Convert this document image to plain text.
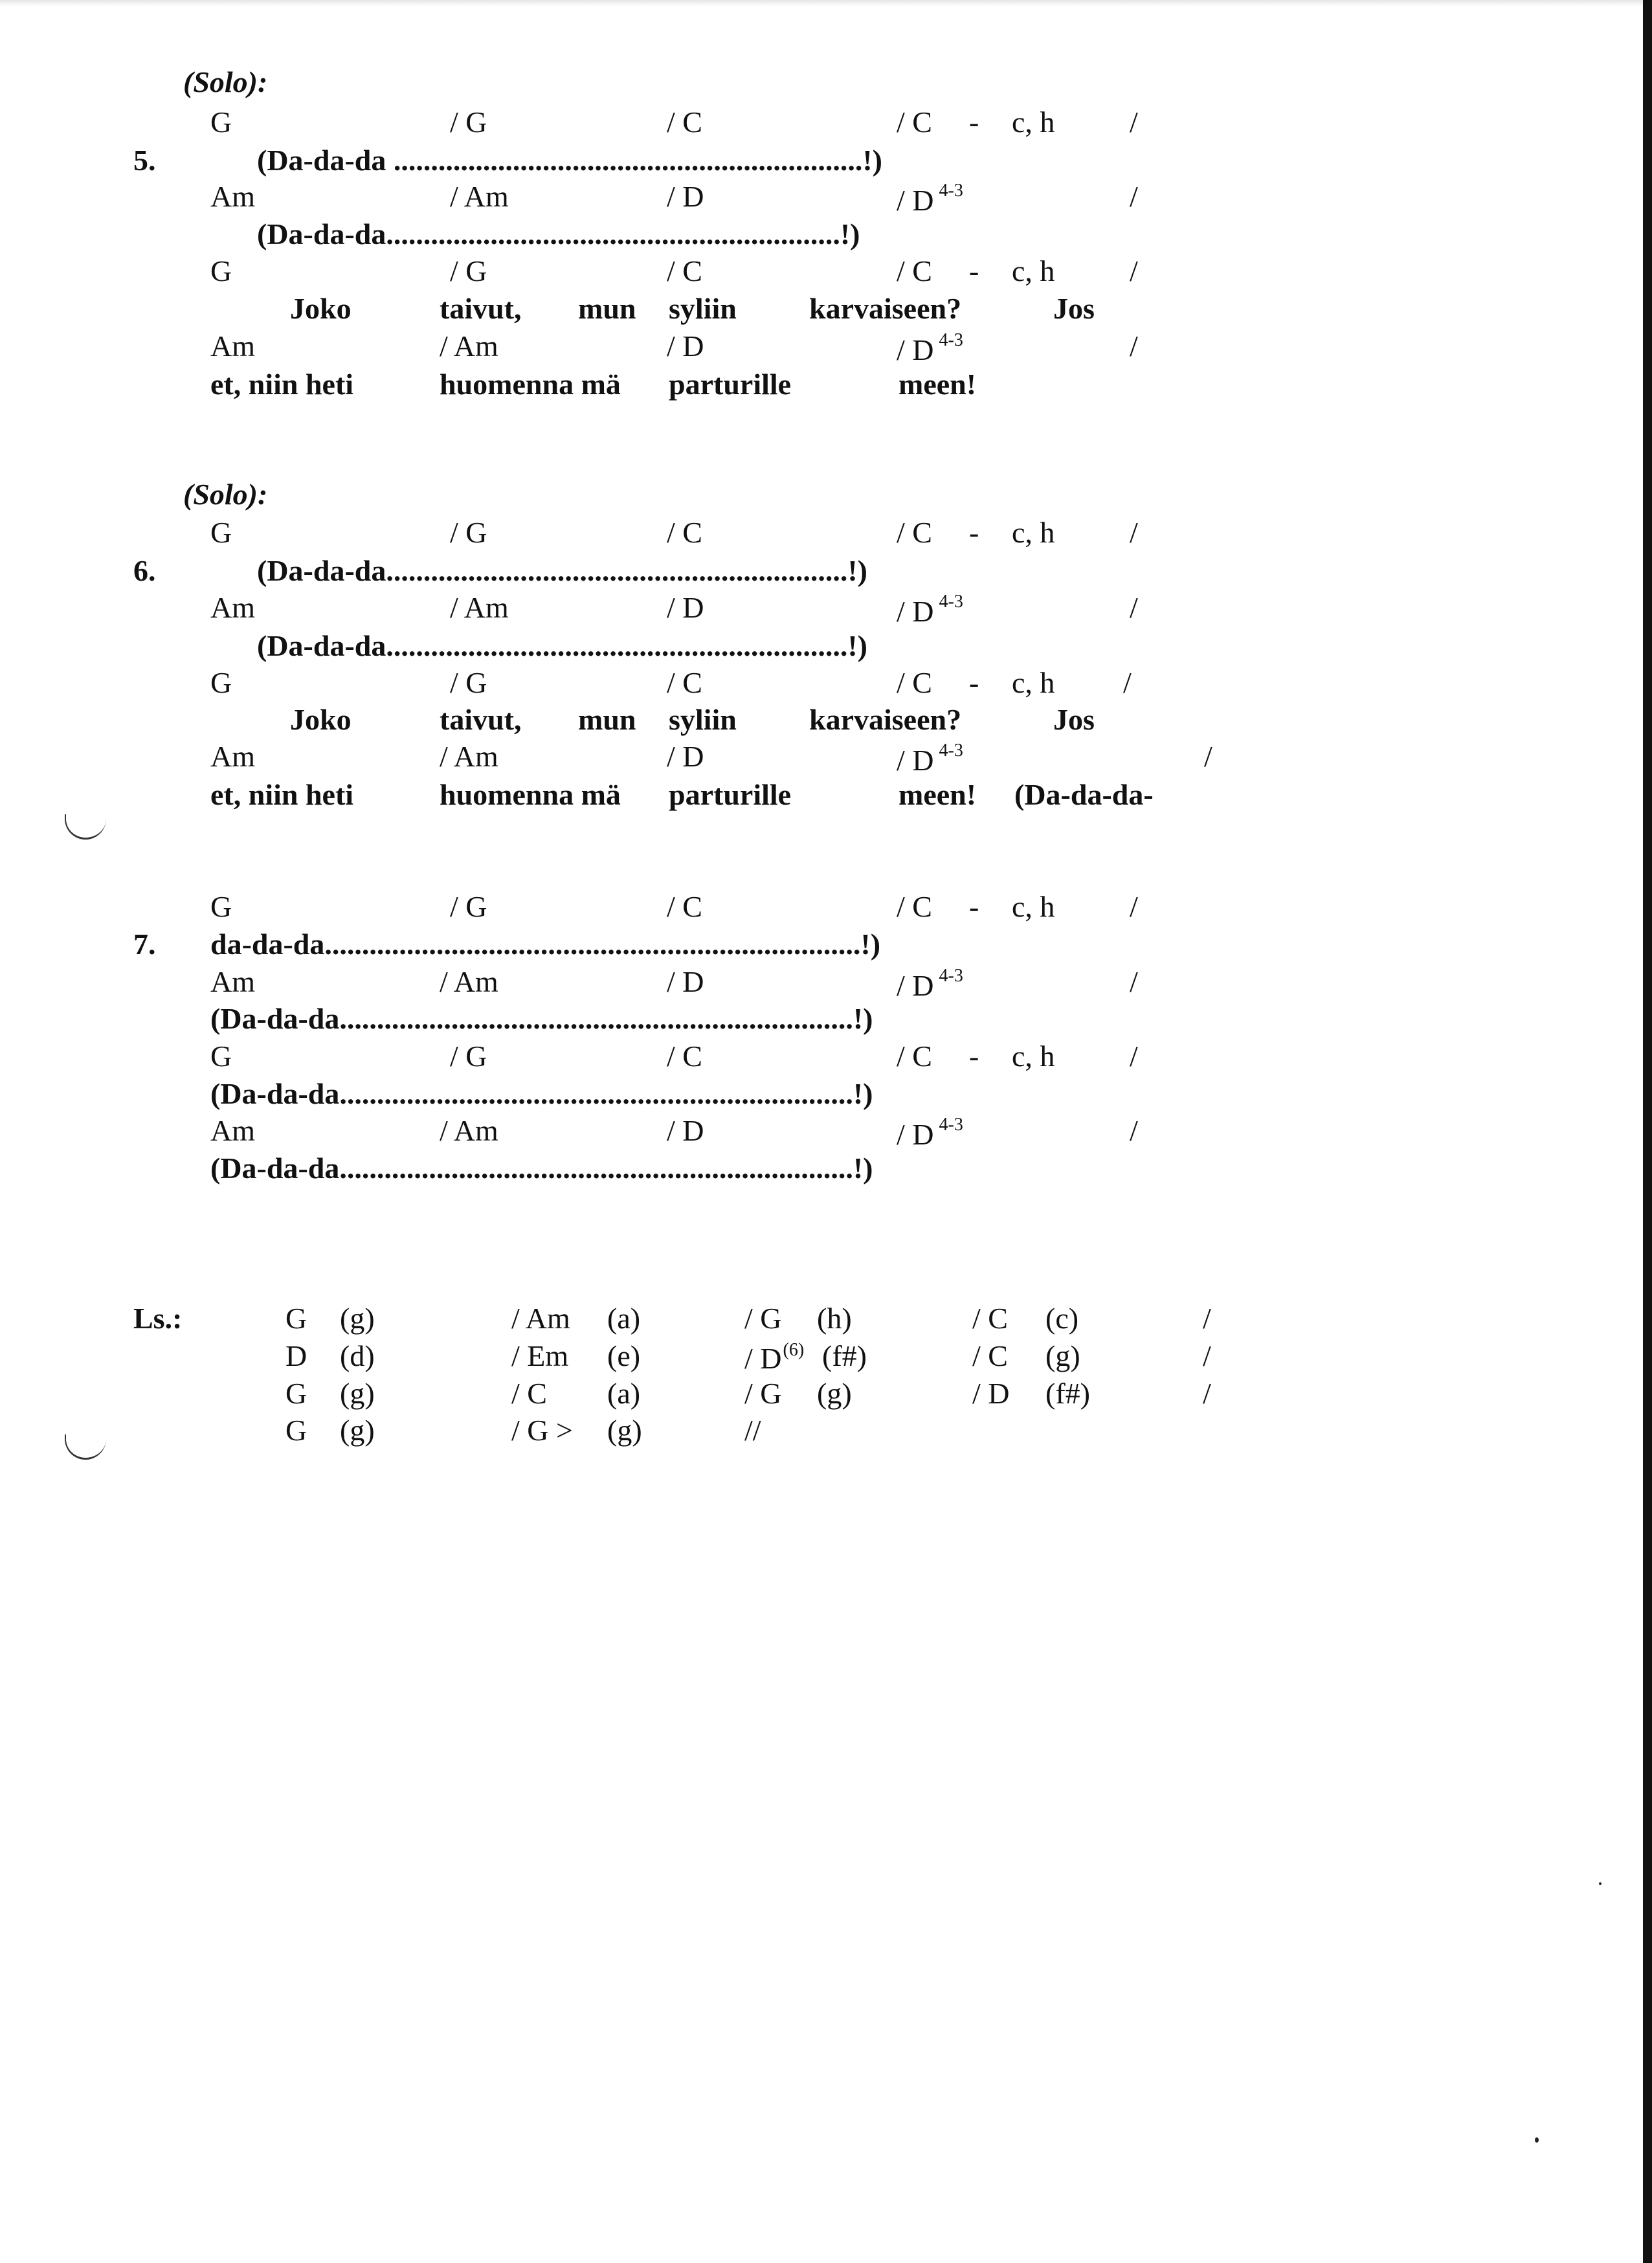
(Solo):
G	/ G	/ C	/ C - c, h	/
5.	(Da-da-da ...............................................................!)
Am	/ Am	/ D	/ D $^{4-3}$	/
(Da-da-da.............................................................!)
G	/ G	/ C	/ C - c, h	/
Joko	taivut, mun syliin karvaiseen?	Jos
Am	/ Am	/ D	/ D $^{4-3}$	/
et, niin heti	huomenna mä parturille	meen!
(Solo):
G	/ G	/ C	/ C - c, h	/
6.	(Da-da-da..............................................................!)
Am	/ Am	/ D	/ D $^{4-3}$	/
(Da-da-da..............................................................!)
G	/ G	/ C	/ C - c, h /
Joko	taivut, mun syliin karvaiseen?	Jos
Am	/ Am	/ D	/ D $^{4-3}$	/
et, niin heti	huomenna mä parturille	meen! (Da-da-da-
G	/ G	/ C	/ C - c, h	/
7. da-da-da........................................................................!)
Am	/ Am	/ D	/ D $^{4-3}$	/
(Da-da-da.....................................................................!)
G	/ G	/ C	/ C - c, h	/
(Da-da-da.....................................................................!)
Am	/ Am	/ D	/ D $^{4-3}$	/
(Da-da-da.....................................................................!)
Ls.:	G (g)	/ Am (a)	/ G (h)	/ C (c)	/
D (d)	/ Em (e)	/ $D^{(6)}$ (f#)	/ C (g)	/
G (g)	/ C (a)	/ G (g)	/ D (f#)	/
G (g)	/ G > (g)	//
